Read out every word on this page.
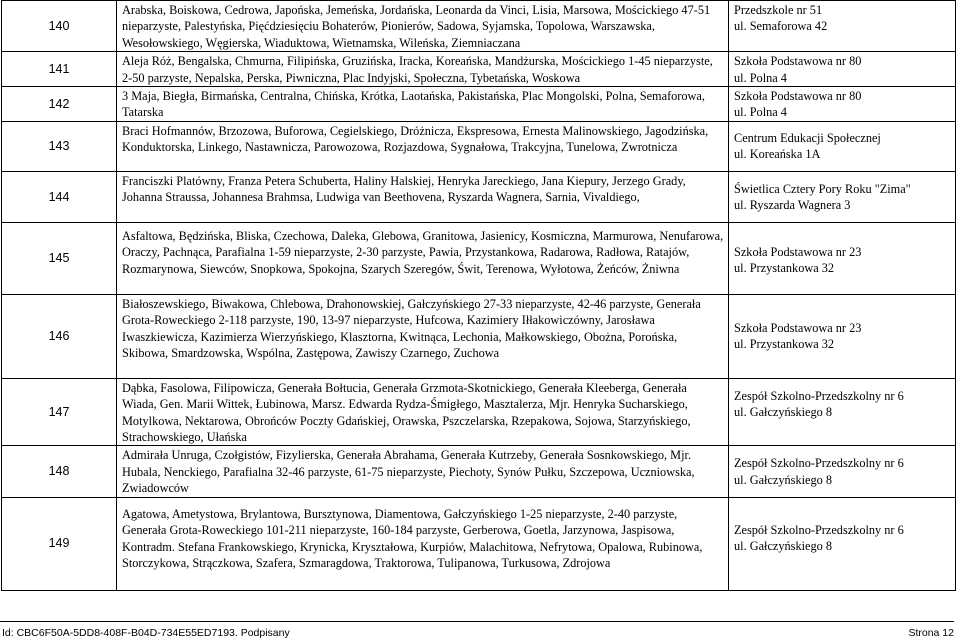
140	Arabska, Boiskowa, Cedrowa, Japońska, Jemeńska, Jordańska, Leonarda da Vinci, Lisia, Marsowa, Mościckiego 47-51 nieparzyste, Palestyńska, Pięćdziesięciu Bohaterów, Pionierów, Sadowa, Syjamska, Topolowa, Warszawska, Wesołowskiego, Węgierska, Wiaduktowa, Wietnamska, Wileńska, Ziemniaczana	Przedszkole nr 51
ul. Semaforowa 42

141	Aleja Róż, Bengalska, Chmurna, Filipińska, Gruzińska, Iracka, Koreańska, Mandżurska, Mościckiego 1-45 nieparzyste, 2-50 parzyste, Nepalska, Perska, Piwniczna, Plac Indyjski, Społeczna, Tybetańska, Woskowa	Szkoła Podstawowa nr 80
ul. Polna 4

142	3 Maja, Biegła, Birmańska, Centralna, Chińska, Krótka, Laotańska, Pakistańska, Plac Mongolski, Polna, Semaforowa, Tatarska	Szkoła Podstawowa nr 80
ul. Polna 4

143	Braci Hofmannów, Brzozowa, Buforowa, Cegielskiego, Dróżnicza, Ekspresowa, Ernesta Malinowskiego, Jagodzińska, Konduktorska, Linkego, Nastawnicza, Parowozowa, Rozjazdowa, Sygnałowa, Trakcyjna, Tunelowa, Zwrotnicza	Centrum Edukacji Społecznej
ul. Koreańska 1A

144	Franciszki Platówny, Franza Petera Schuberta, Haliny Halskiej, Henryka Jareckiego, Jana Kiepury, Jerzego Grady, Johanna Straussa, Johannesa Brahmsa, Ludwiga van Beethovena, Ryszarda Wagnera, Sarnia, Vivaldiego,	Świetlica Cztery Pory Roku "Zima"
ul. Ryszarda Wagnera 3

145	Asfaltowa, Będzińska, Bliska, Czechowa, Daleka, Glebowa, Granitowa, Jasienicy, Kosmiczna, Marmurowa, Nenufarowa, Oraczy, Pachnąca, Parafialna 1-59 nieparzyste, 2-30 parzyste, Pawia, Przystankowa, Radarowa, Radłowa, Ratajów, Rozmarynowa, Siewców, Snopkowa, Spokojna, Szarych Szeregów, Świt, Terenowa, Wyłotowa, Żeńców, Żniwna	Szkoła Podstawowa nr 23
ul. Przystankowa 32

146	Białoszewskiego, Biwakowa, Chlebowa, Drahonowskiej, Gałczyńskiego 27-33 nieparzyste, 42-46 parzyste, Generała Grota-Roweckiego 2-118 parzyste, 190, 13-97 nieparzyste, Hufcowa, Kazimiery Iłłakowiczówny, Jarosława Iwaszkiewicza, Kazimierza Wierzyńskiego, Klasztorna, Kwitnąca, Lechonia, Małkowskiego, Obożna, Porońska, Skibowa, Smardzowska, Wspólna, Zastępowa, Zawiszy Czarnego, Zuchowa	Szkoła Podstawowa nr 23
ul. Przystankowa 32

147	Dąbka, Fasolowa, Filipowicza, Generała Bołtucia, Generała Grzmota-Skotnickiego, Generała Kleeberga, Generała Wiada, Gen. Marii Wittek, Łubinowa, Marsz. Edwarda Rydza-Śmigłego, Masztalerza, Mjr. Henryka Sucharskiego, Motylkowa, Nektarowa, Obrońców Poczty Gdańskiej, Orawska, Pszczelarska, Rzepakowa, Sojowa, Starzyńskiego, Strachowskiego, Ułańska	Zespół Szkolno-Przedszkolny nr 6
ul. Gałczyńskiego 8

148	Admirała Unruga, Czołgistów, Fizylierska, Generała Abrahama, Generała Kutrzeby, Generała Sosnkowskiego, Mjr. Hubala, Nenckiego, Parafialna 32-46 parzyste, 61-75 nieparzyste, Piechoty, Synów Pułku, Szczepowa, Uczniowska, Zwiadowców	Zespół Szkolno-Przedszkolny nr 6
ul. Gałczyńskiego 8

149	Agatowa, Ametystowa, Brylantowa, Bursztynowa, Diamentowa, Gałczyńskiego 1-25 nieparzyste, 2-40 parzyste, Generała Grota-Roweckiego 101-211 nieparzyste, 160-184 parzyste, Gerberowa, Goetla, Jarzynowa, Jaspisowa, Kontradm. Stefana Frankowskiego, Krynicka, Kryształowa, Kurpiów, Malachitowa, Nefrytowa, Opalowa, Rubinowa, Storczykowa, Strączkowa, Szafera, Szmaragdowa, Traktorowa, Tulipanowa, Turkusowa, Zdrojowa	Zespół Szkolno-Przedszkolny nr 6
ul. Gałczyńskiego 8
Id: CBC6F50A-5DD8-408F-B04D-734E55ED7193. Podpisany	Strona 12
